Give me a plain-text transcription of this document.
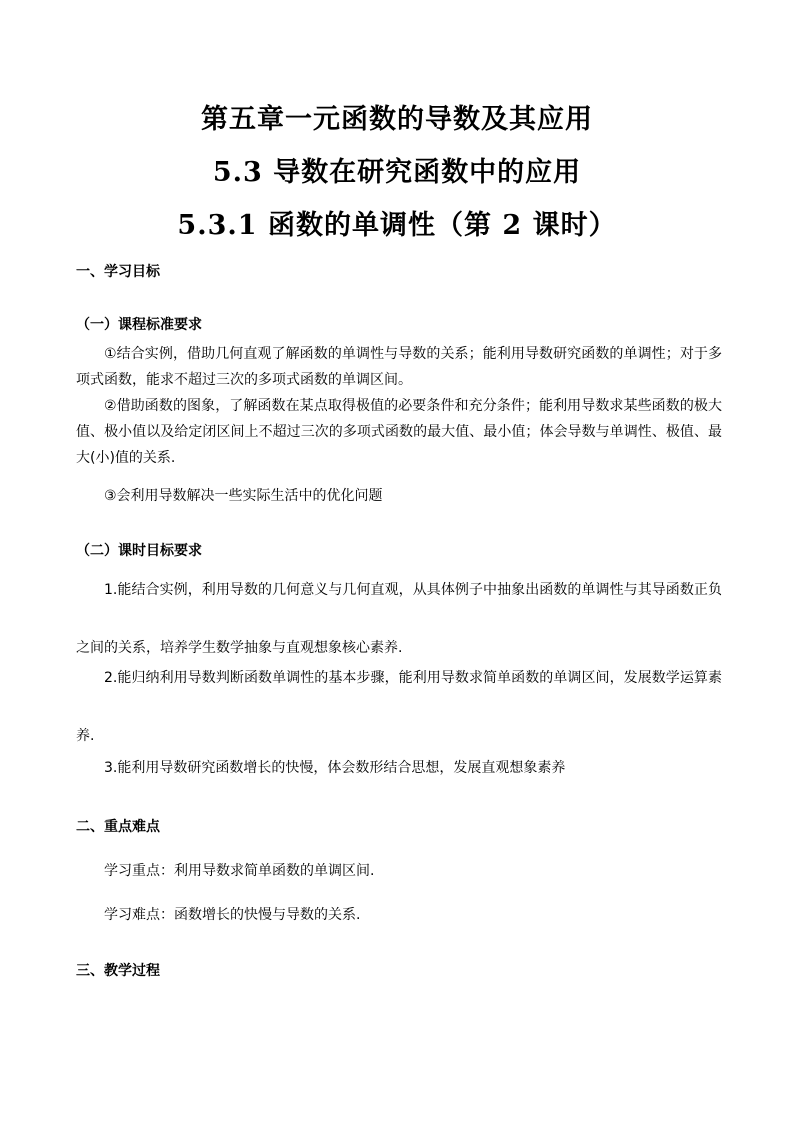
第五章一元函数的导数及其应用
5.3 导数在研究函数中的应用
5.3.1 函数的单调性（第 2 课时）
一、学习目标
（一）课程标准要求
①结合实例，借助几何直观了解函数的单调性与导数的关系；能利用导数研究函数的单调性；对于多项式函数，能求不超过三次的多项式函数的单调区间。
②借助函数的图象，了解函数在某点取得极值的必要条件和充分条件；能利用导数求某些函数的极大值、极小值以及给定闭区间上不超过三次的多项式函数的最大值、最小值；体会导数与单调性、极值、最大(小)值的关系.
③会利用导数解决一些实际生活中的优化问题
（二）课时目标要求
1.能结合实例，利用导数的几何意义与几何直观，从具体例子中抽象出函数的单调性与其导函数正负之间的关系，培养学生数学抽象与直观想象核心素养.
2.能归纳利用导数判断函数单调性的基本步骤，能利用导数求简单函数的单调区间，发展数学运算素养.
3.能利用导数研究函数增长的快慢，体会数形结合思想，发展直观想象素养
二、重点难点
学习重点：利用导数求简单函数的单调区间.
学习难点：函数增长的快慢与导数的关系.
三、教学过程
